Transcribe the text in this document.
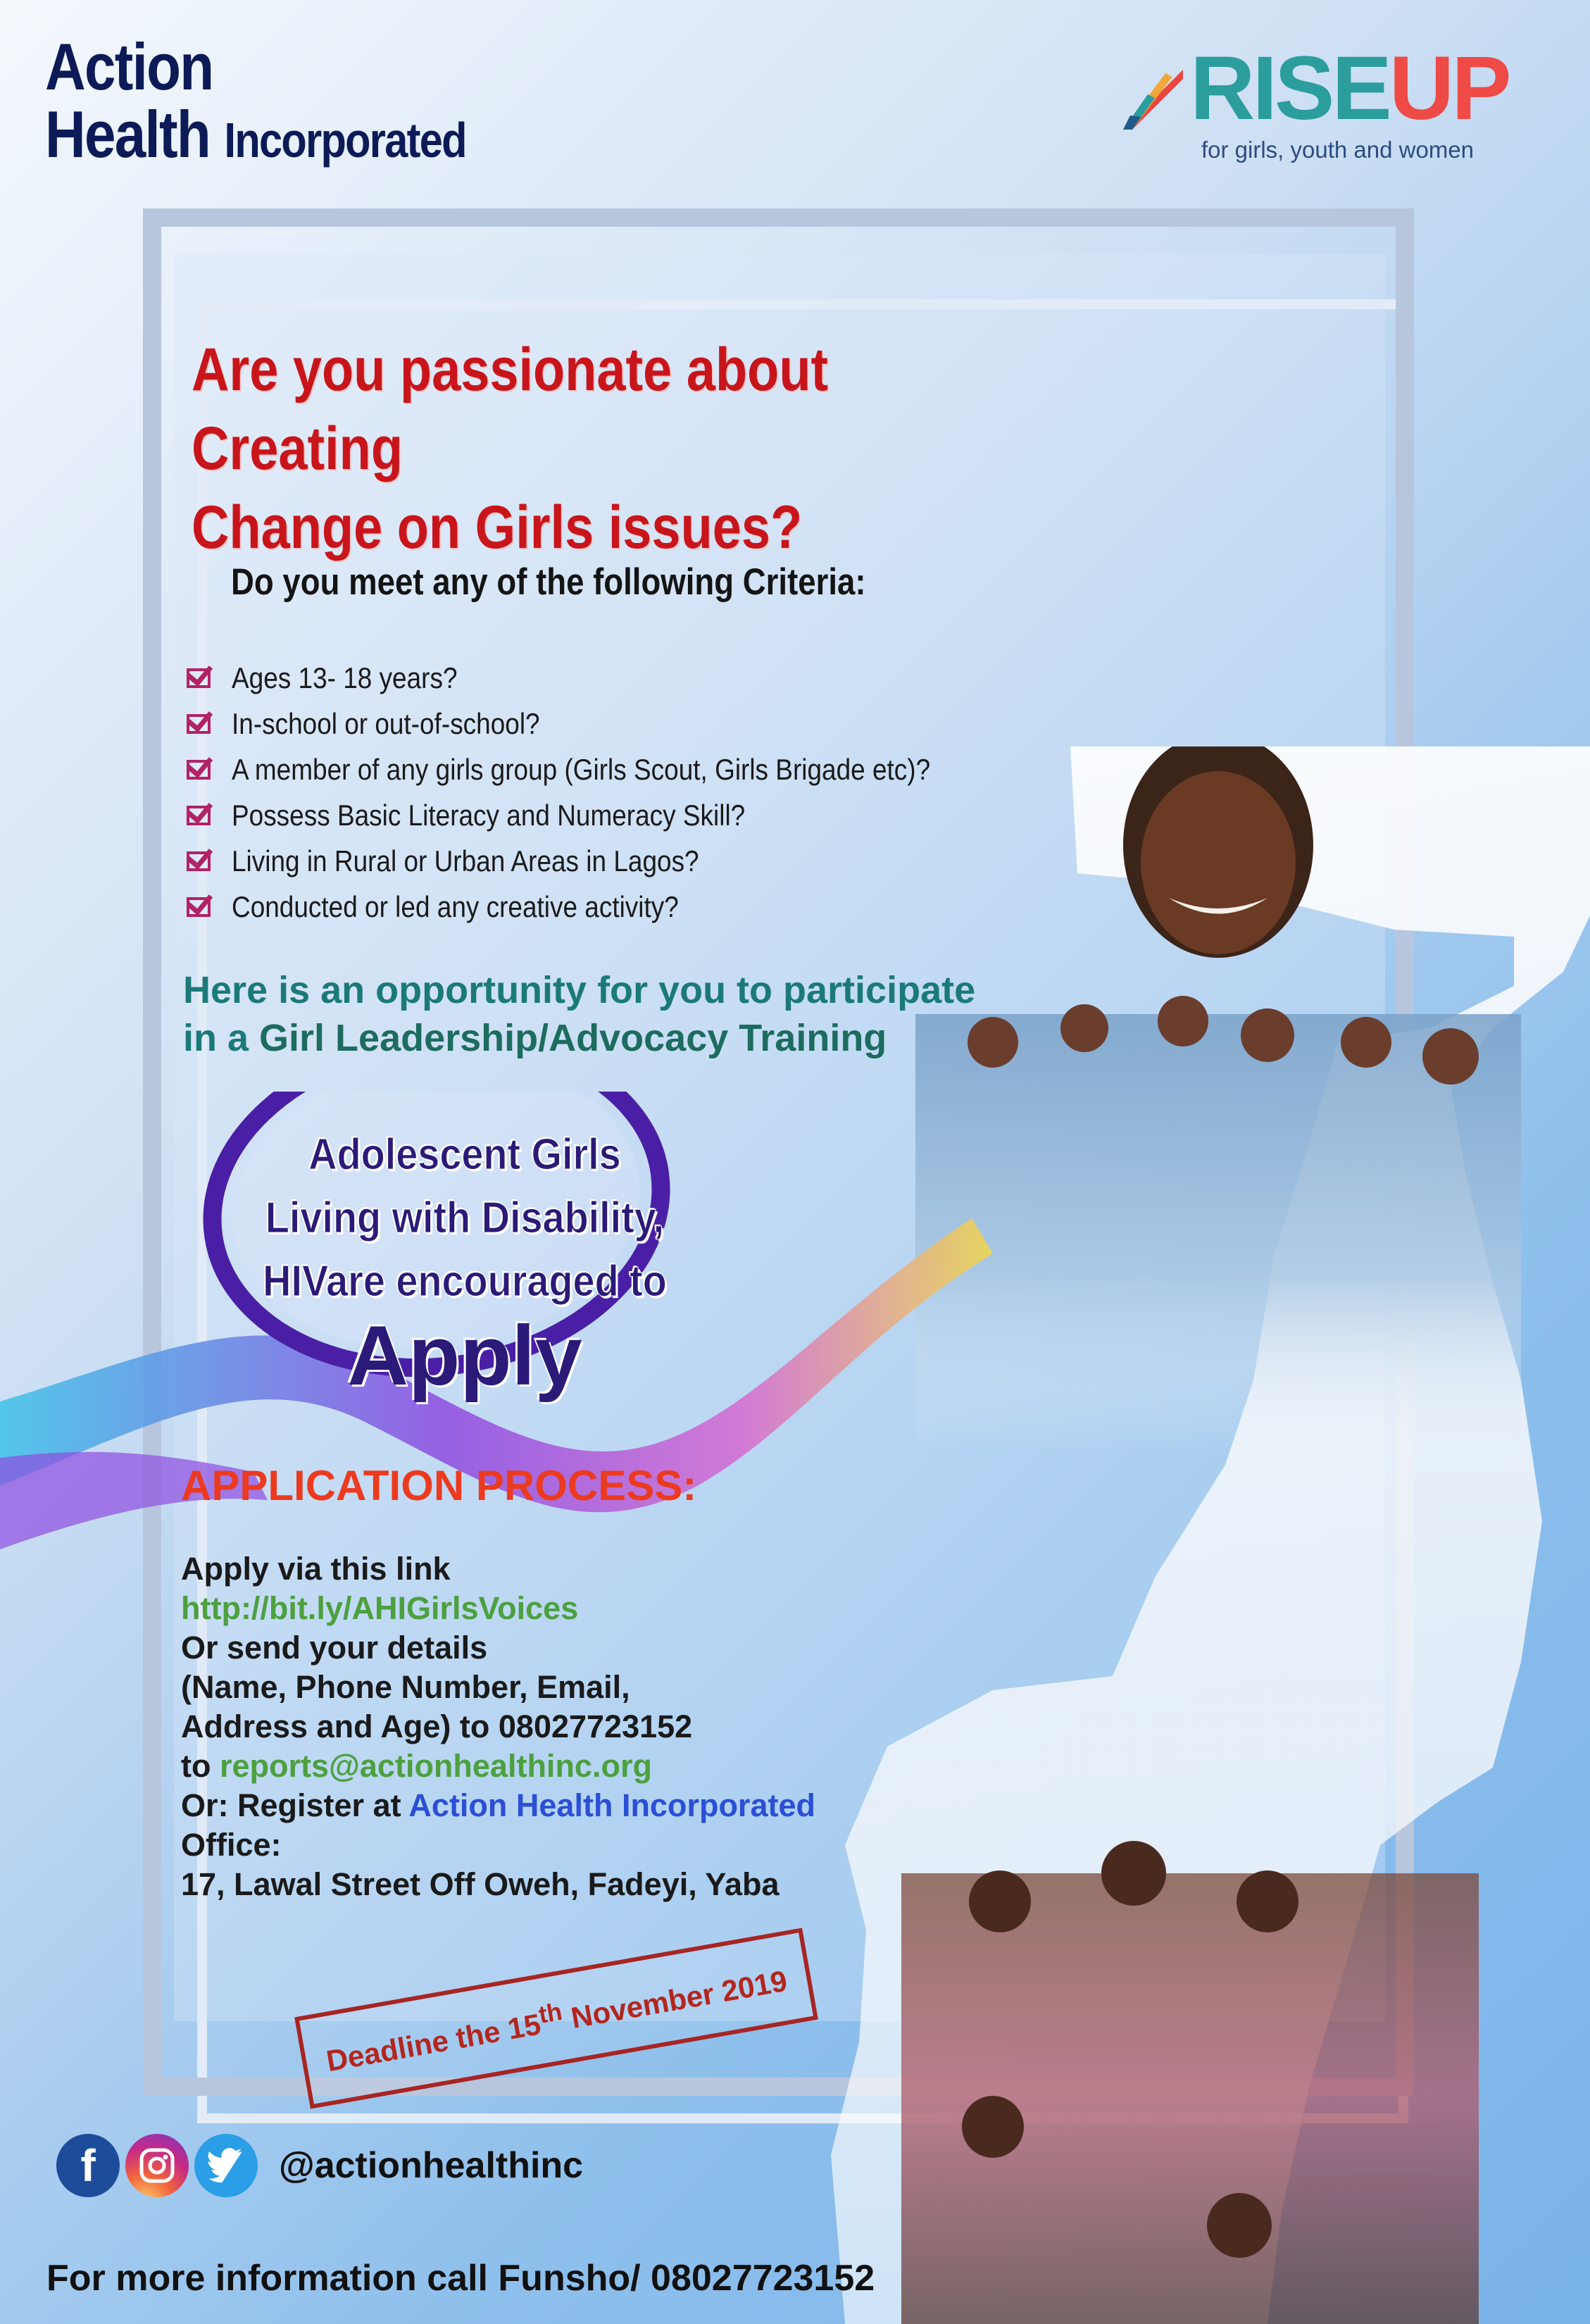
Action
Health Incorporated
RISEUP
for girls, youth and women
Are you passionate about Creating
Change on Girls issues?
Do you meet any of the following Criteria:
Ages 13- 18 years?
In-school or out-of-school?
A member of any girls group (Girls Scout, Girls Brigade etc)?
Possess Basic Literacy and Numeracy Skill?
Living in Rural or Urban Areas in Lagos?
Conducted or led any creative activity?
Here is an opportunity for you to participate
in a Girl Leadership/Advocacy Training
Adolescent Girls
Living with Disability,
HIVare encouraged to
Apply
APPLICATION PROCESS:
Apply via this link
http://bit.ly/AHIGirlsVoices
Or send your details
(Name, Phone Number, Email,
Address and Age) to 08027723152
to reports@actionhealthinc.org
Or: Register at Action Health Incorporated
Office:
17, Lawal Street Off Oweh, Fadeyi, Yaba
Deadline the 15th November 2019
f	@actionhealthinc
For more information call Funsho/ 08027723152
